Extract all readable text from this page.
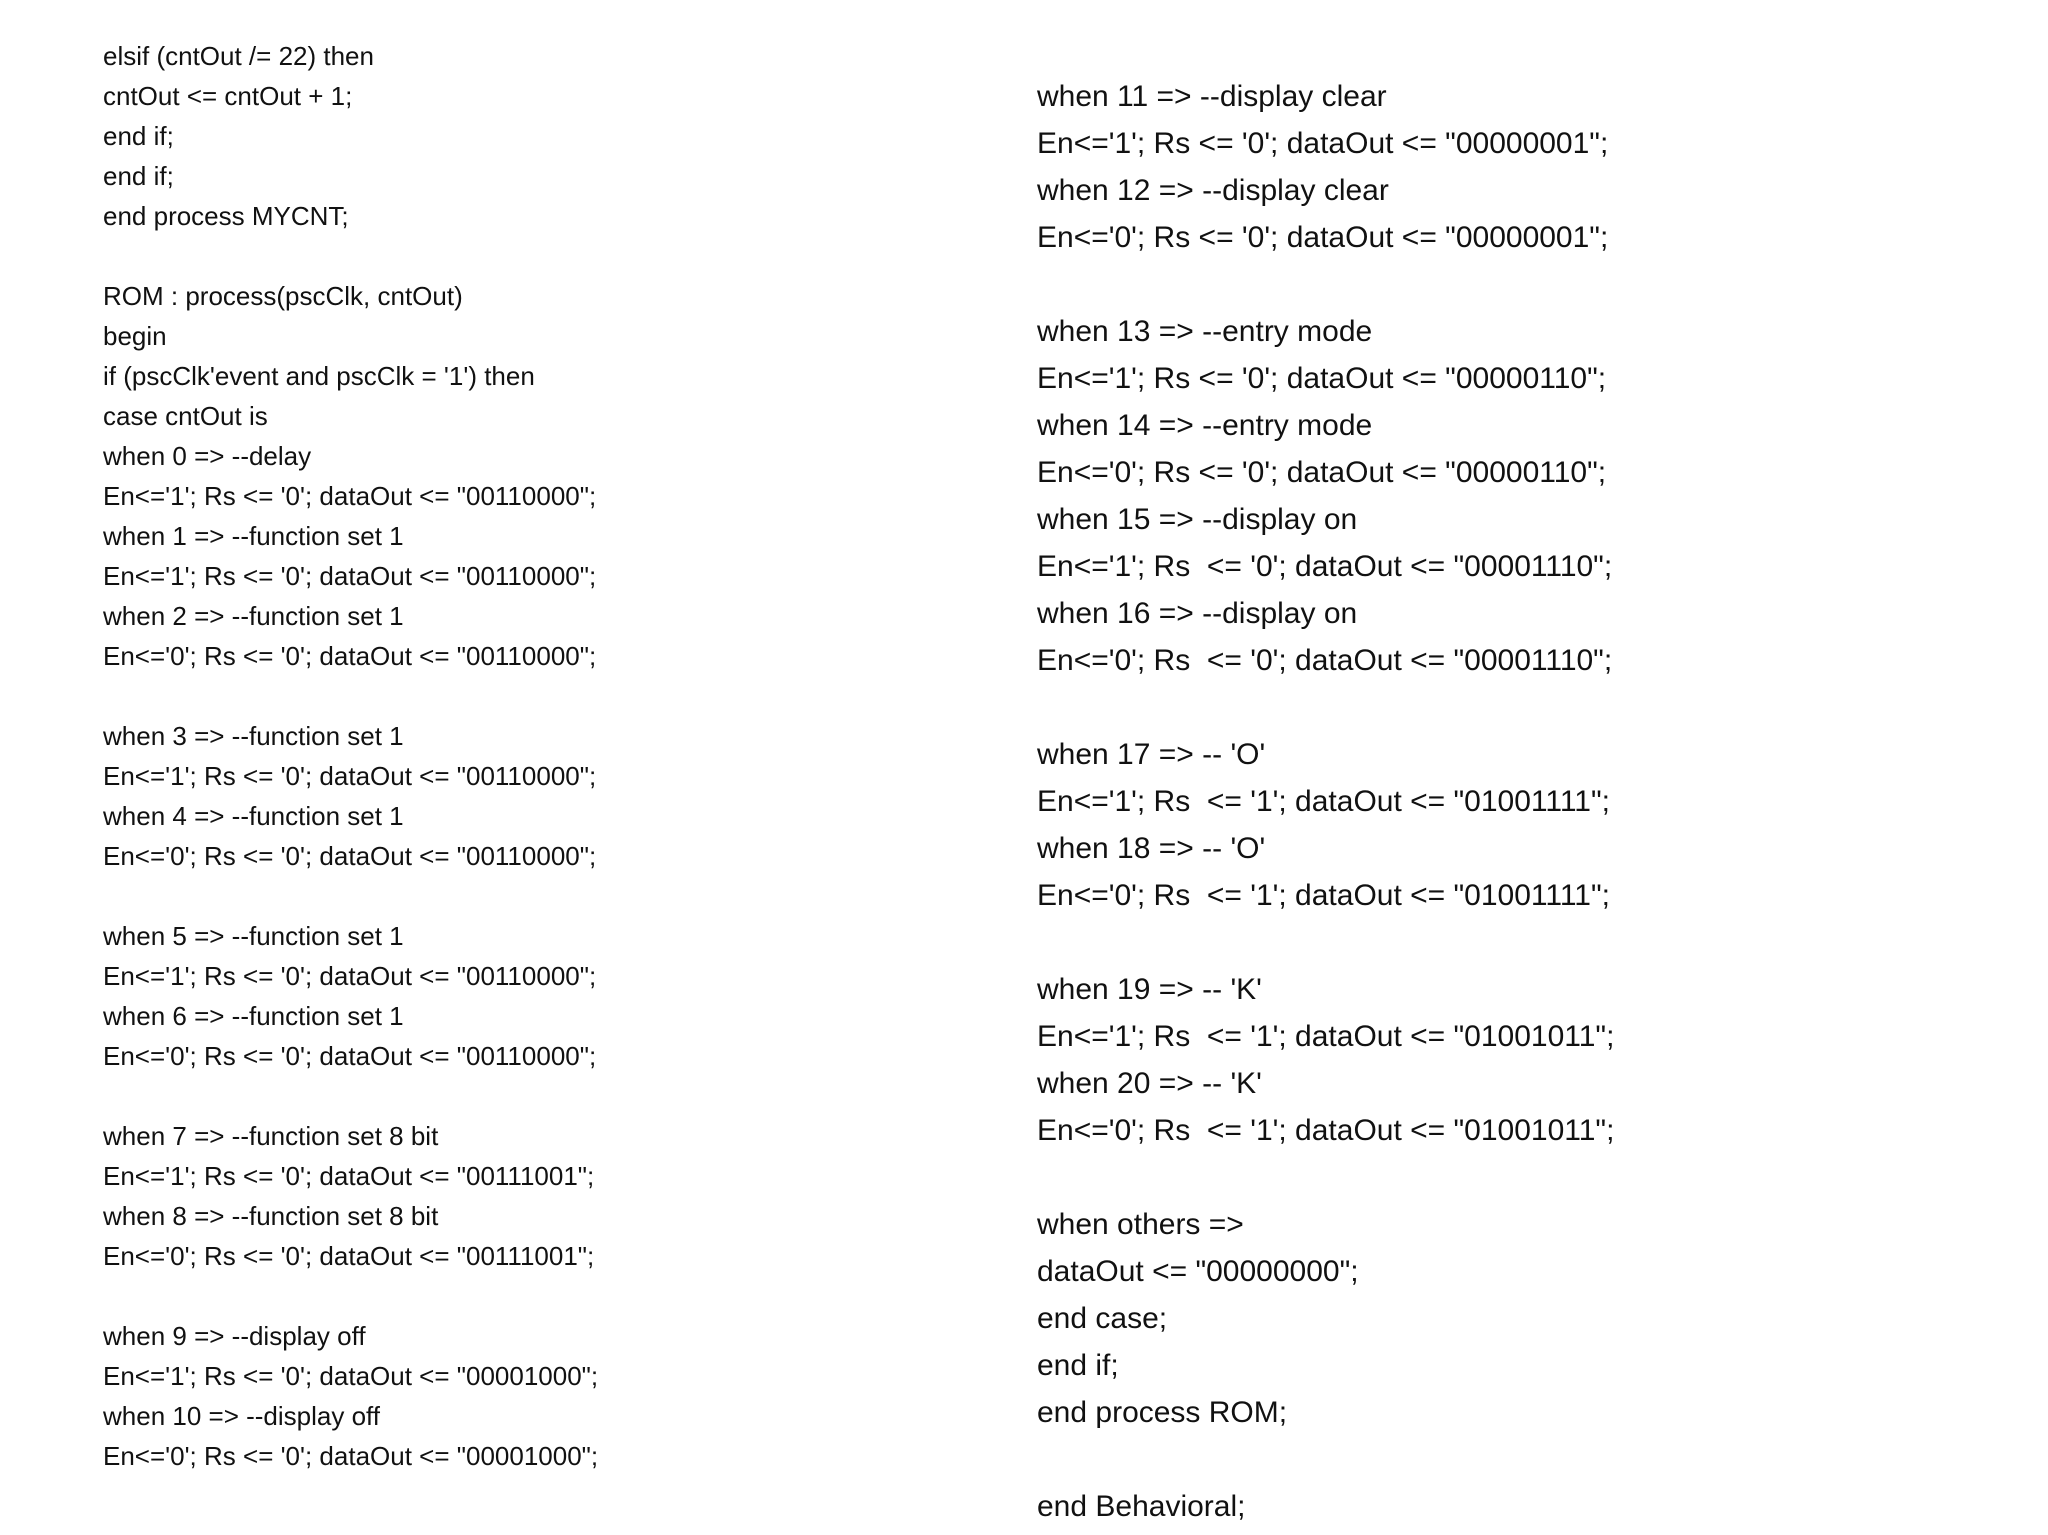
elsif (cntOut /= 22) then
cntOut <= cntOut + 1;
end if;
end if;
end process MYCNT;
ROM : process(pscClk, cntOut)
begin
if (pscClk'event and pscClk = '1') then
case cntOut is
when 0 => --delay
En<='1'; Rs <= '0'; dataOut <= "00110000";
when 1 => --function set 1
En<='1'; Rs <= '0'; dataOut <= "00110000";
when 2 => --function set 1
En<='0'; Rs <= '0'; dataOut <= "00110000";
when 3 => --function set 1
En<='1'; Rs <= '0'; dataOut <= "00110000";
when 4 => --function set 1
En<='0'; Rs <= '0'; dataOut <= "00110000";
when 5 => --function set 1
En<='1'; Rs <= '0'; dataOut <= "00110000";
when 6 => --function set 1
En<='0'; Rs <= '0'; dataOut <= "00110000";
when 7 => --function set 8 bit
En<='1'; Rs <= '0'; dataOut <= "00111001";
when 8 => --function set 8 bit
En<='0'; Rs <= '0'; dataOut <= "00111001";
when 9 => --display off
En<='1'; Rs <= '0'; dataOut <= "00001000";
when 10 => --display off
En<='0'; Rs <= '0'; dataOut <= "00001000";
when 11 => --display clear
En<='1'; Rs <= '0'; dataOut <= "00000001";
when 12 => --display clear
En<='0'; Rs <= '0'; dataOut <= "00000001";
when 13 => --entry mode
En<='1'; Rs <= '0'; dataOut <= "00000110";
when 14 => --entry mode
En<='0'; Rs <= '0'; dataOut <= "00000110";
when 15 => --display on
En<='1'; Rs  <= '0'; dataOut <= "00001110";
when 16 => --display on
En<='0'; Rs  <= '0'; dataOut <= "00001110";
when 17 => -- 'O'
En<='1'; Rs  <= '1'; dataOut <= "01001111";
when 18 => -- 'O'
En<='0'; Rs  <= '1'; dataOut <= "01001111";
when 19 => -- 'K'
En<='1'; Rs  <= '1'; dataOut <= "01001011";
when 20 => -- 'K'
En<='0'; Rs  <= '1'; dataOut <= "01001011";
when others =>
dataOut <= "00000000";
end case;
end if;
end process ROM;
end Behavioral;
